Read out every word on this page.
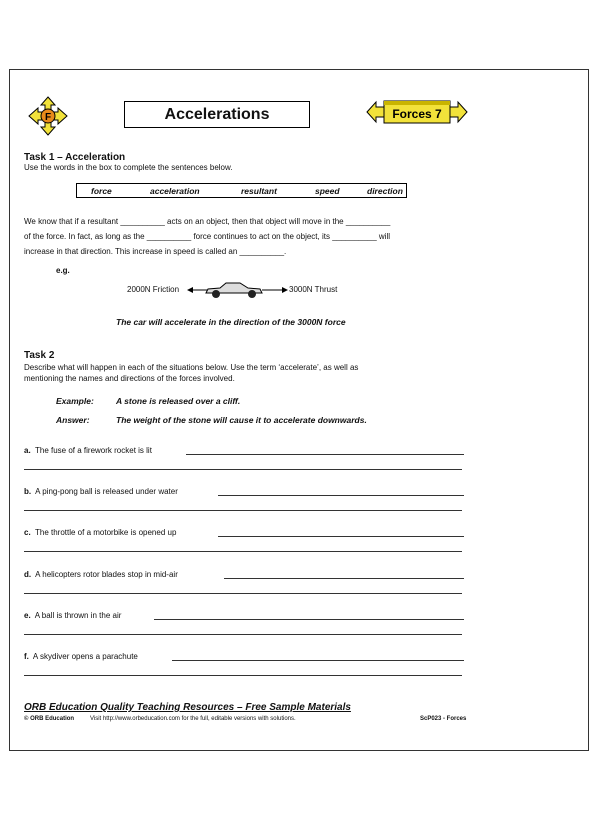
F	Accelerations	Forces 7
Task 1 – Acceleration
Use the words in the box to complete the sentences below.
force	acceleration	resultant	speed	direction
We know that if a resultant __________ acts on an object, then that object will move in the __________
of the force. In fact, as long as the __________ force continues to act on the object, its __________ will
increase in that direction. This increase in speed is called an __________.
e.g.
2000N Friction	3000N Thrust
The car will accelerate in the direction of the 3000N force
Task 2
Describe what will happen in each of the situations below. Use the term ‘accelerate’, as well as
mentioning the names and directions of the forces involved.
Example:	A stone is released over a cliff.
Answer:	The weight of the stone will cause it to accelerate downwards.
a. The fuse of a firework rocket is lit
b. A ping-pong ball is released under water
c. The throttle of a motorbike is opened up
d. A helicopters rotor blades stop in mid-air
e. A ball is thrown in the air
f. A skydiver opens a parachute
ORB Education Quality Teaching Resources – Free Sample Materials
© ORB Education	Visit http://www.orbeducation.com for the full, editable versions with solutions.	ScP023 - Forces
